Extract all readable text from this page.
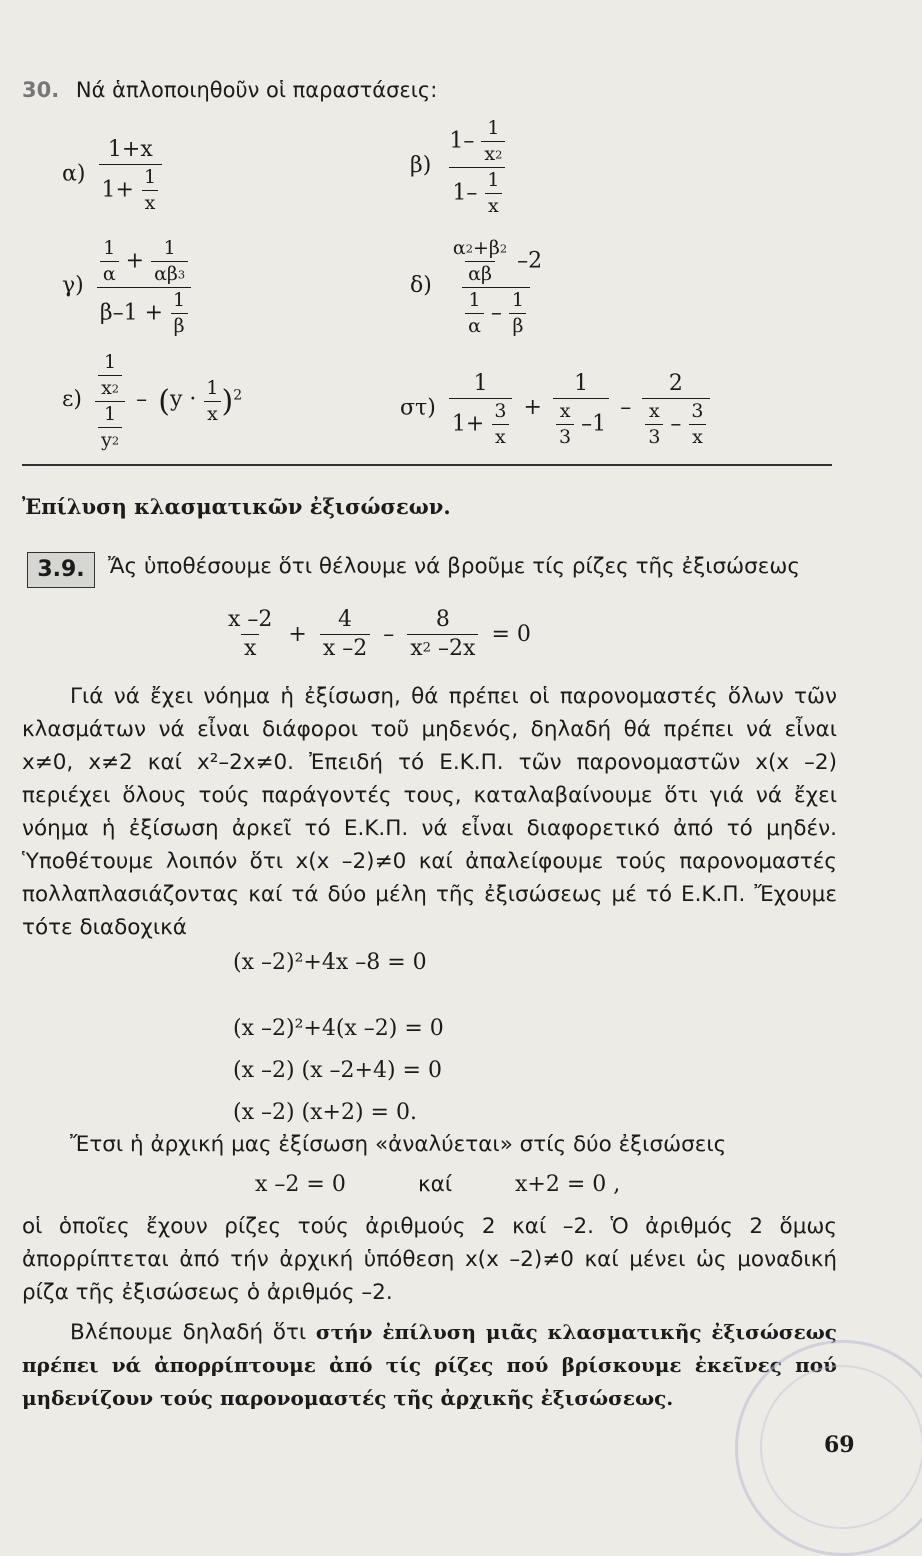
30. Νά ἁπλοποιηθοῦν οἱ παραστάσεις:
$\alpha) \frac{1+x}{1+ \frac{1}{x}}$	$\beta) \frac{1- \frac{1}{x2}}{1- \frac{1}{x}}$
$\gamma) \frac{\frac{1}{\alpha} + \frac{1}{\alpha\beta 3}}{\beta-1 + \frac{1}{\beta}}$	$\delta) \frac{\frac{\alpha 2+\beta 2}{\alpha\beta} -2}{\frac{1}{\alpha} - \frac{1}{\beta}}$
$\varepsilon) \frac{\frac{1}{x2}}{\frac{1}{y2}} - (y \cdot \frac{1}{x} )^2$
$\sigma\tau) \frac{1}{1+ \frac{3}{x}} + \frac{1}{\frac{x}{3} -1} - \frac{2}{\frac{x}{3} - \frac{3}{x}}$
Ἐπίλυση κλασματικῶν ἐξισώσεων.
3.9.	Ἄς ὑποθέσουμε ὅτι θέλουμε νά βροῦμε τίς ρίζες τῆς ἐξισώσεως
$\frac{x -2}{x} + \frac{4}{x -2} - \frac{8}{x2 -2x} = 0$

Γιά νά ἔχει νόημα ἡ ἐξίσωση, θά πρέπει οἱ παρονομαστές ὅλων τῶν κλασμάτων νά εἶναι διάφοροι τοῦ μηδενός, δηλαδή θά πρέπει νά εἶναι x≠0, x≠2 καί x²–2x≠0. Ἐπειδή τό Ε.Κ.Π. τῶν παρονομαστῶν x(x –2) περιέχει ὅλους τούς παράγοντές τους, καταλαβαίνουμε ὅτι γιά νά ἔχει νόημα ἡ ἐξίσωση ἀρκεῖ τό Ε.Κ.Π. νά εἶναι διαφορετικό ἀπό τό μηδέν. Ὑποθέτουμε λοιπόν ὅτι x(x –2)≠0 καί ἀπαλείφουμε τούς παρονομαστές πολλαπλασιάζοντας καί τά δύο μέλη τῆς ἐξισώσεως μέ τό Ε.Κ.Π. Ἔχουμε τότε διαδοχικά

(x –2)²+4x –8 = 0
(x –2)²+4(x –2) = 0
(x –2) (x –2+4) = 0
(x –2) (x+2) = 0.
Ἔτσι ἡ ἀρχική μας ἐξίσωση «ἀναλύεται» στίς δύο ἐξισώσεις
x –2 = 0	καί	x+2 = 0 ,

οἱ ὁποῖες ἔχουν ρίζες τούς ἀριθμούς 2 καί –2. Ὁ ἀριθμός 2 ὅμως ἀπορρίπτεται ἀπό τήν ἀρχική ὑπόθεση x(x –2)≠0 καί μένει ὡς μοναδική ρίζα τῆς ἐξισώσεως ὁ ἀριθμός –2.

Βλέπουμε δηλαδή ὅτι στήν ἐπίλυση μιᾶς κλασματικῆς ἐξισώσεως πρέπει νά ἀπορρίπτουμε ἀπό τίς ρίζες πού βρίσκουμε ἐκεῖνες πού μηδενίζουν τούς παρονομαστές τῆς ἀρχικῆς ἐξισώσεως.

69
